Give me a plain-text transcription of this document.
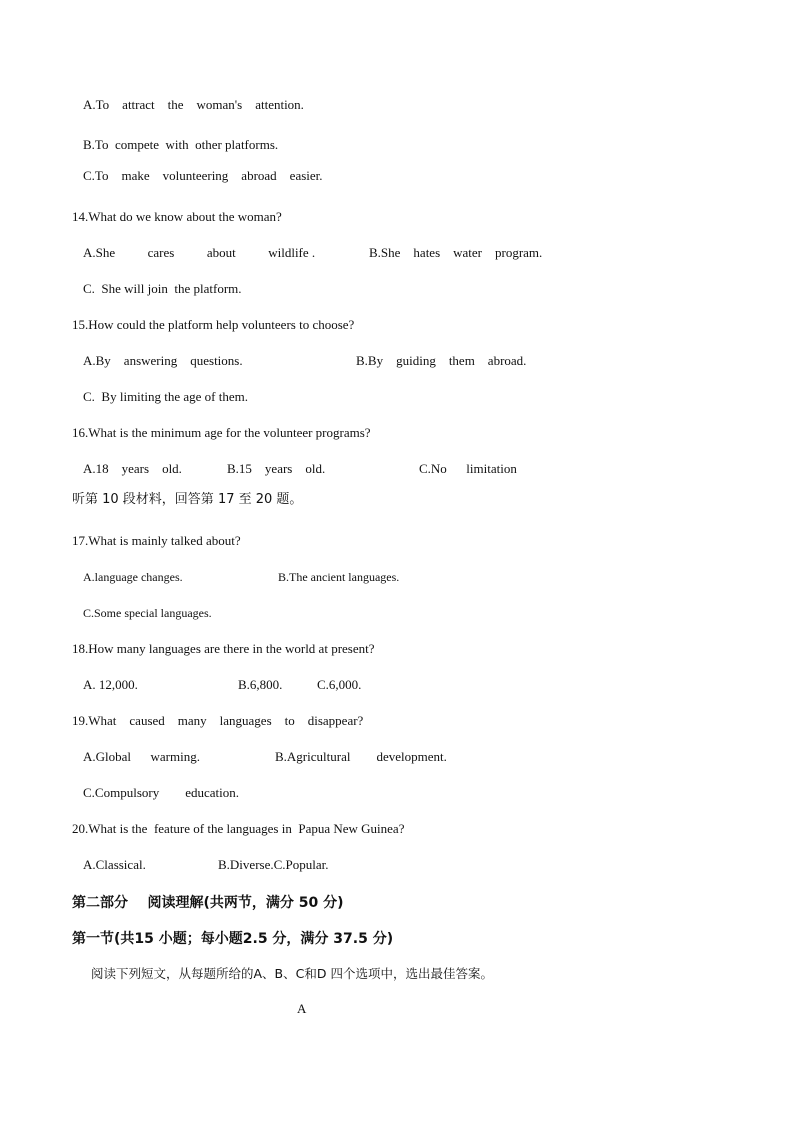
A.To    attract    the    woman's    attention.
B.To  compete  with  other platforms.
C.To    make    volunteering    abroad    easier.
14.What do we know about the woman?
A.She          cares          about          wildlife .	B.She    hates    water    program.
C.  She will join  the platform.
15.How could the platform help volunteers to choose?
A.By    answering    questions.	B.By    guiding    them    abroad.
C.  By limiting the age of them.
16.What is the minimum age for the volunteer programs?
A.18    years    old.	B.15    years    old.	C.No      limitation
听第 10 段材料，回答第 17 至 20 题。
17.What is mainly talked about?
A.language changes.	B.The ancient languages.
C.Some special languages.
18.How many languages are there in the world at present?
A. 12,000.	B.6,800.	C.6,000.
19.What    caused    many    languages    to    disappear?
A.Global      warming.	B.Agricultural        development.
C.Compulsory        education.
20.What is the  feature of the languages in  Papua New Guinea?
A.Classical.	B.Diverse.C.Popular.
第二部分    阅读理解(共两节，满分 50 分)
第一节(共15 小题；每小题2.5 分，满分 37.5 分)
阅读下列短文，从每题所给的A、B、C和D 四个选项中，选出最佳答案。
A
